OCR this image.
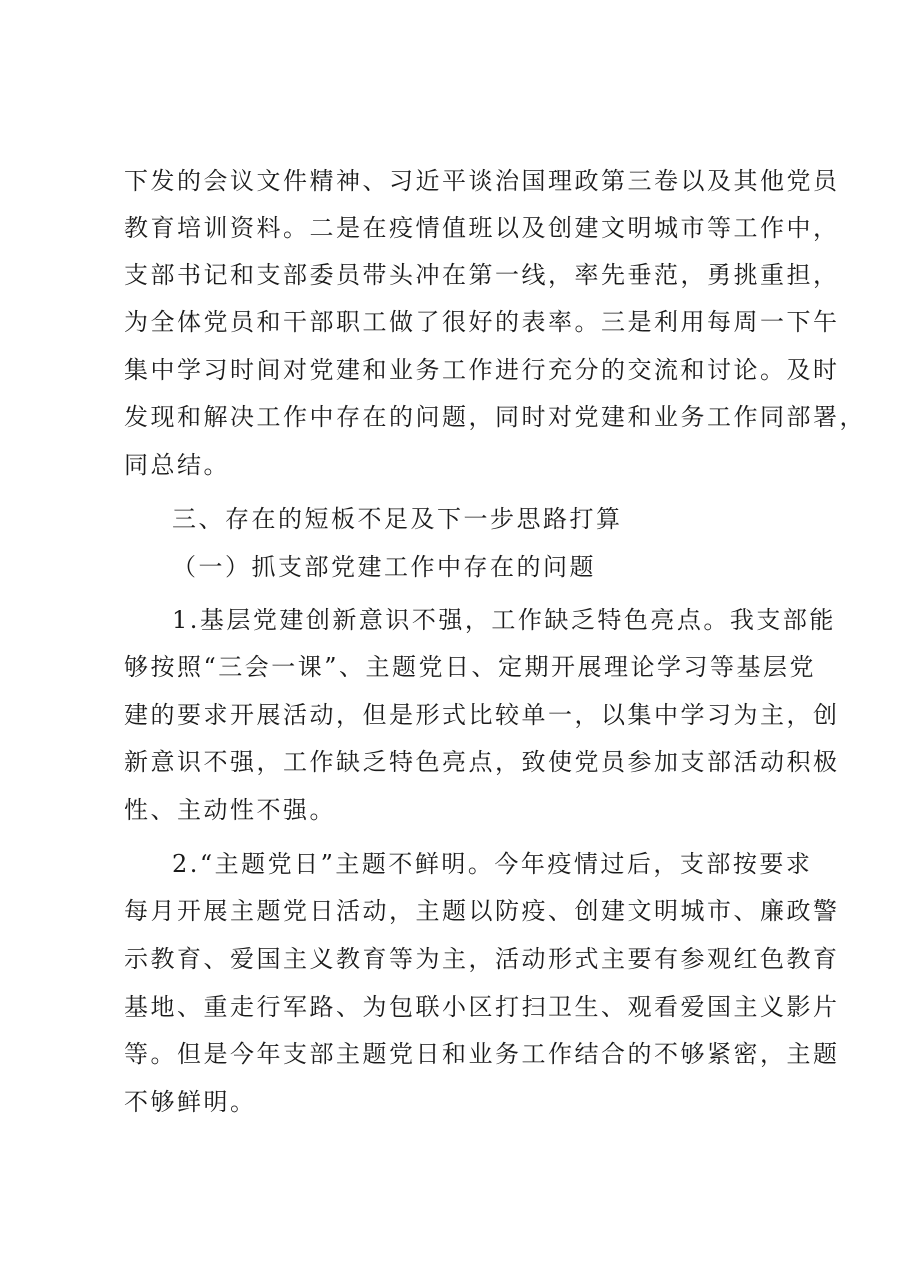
下发的会议文件精神、习近平谈治国理政第三卷以及其他党员
教育培训资料。二是在疫情值班以及创建文明城市等工作中，
支部书记和支部委员带头冲在第一线，率先垂范，勇挑重担，
为全体党员和干部职工做了很好的表率。三是利用每周一下午
集中学习时间对党建和业务工作进行充分的交流和讨论。及时
发现和解决工作中存在的问题，同时对党建和业务工作同部署，
同总结。
三、存在的短板不足及下一步思路打算
（一）抓支部党建工作中存在的问题
1.基层党建创新意识不强，工作缺乏特色亮点。我支部能
够按照“三会一课”、主题党日、定期开展理论学习等基层党
建的要求开展活动，但是形式比较单一，以集中学习为主，创
新意识不强，工作缺乏特色亮点，致使党员参加支部活动积极
性、主动性不强。
2.“主题党日”主题不鲜明。今年疫情过后，支部按要求
每月开展主题党日活动，主题以防疫、创建文明城市、廉政警
示教育、爱国主义教育等为主，活动形式主要有参观红色教育
基地、重走行军路、为包联小区打扫卫生、观看爱国主义影片
等。但是今年支部主题党日和业务工作结合的不够紧密，主题
不够鲜明。
